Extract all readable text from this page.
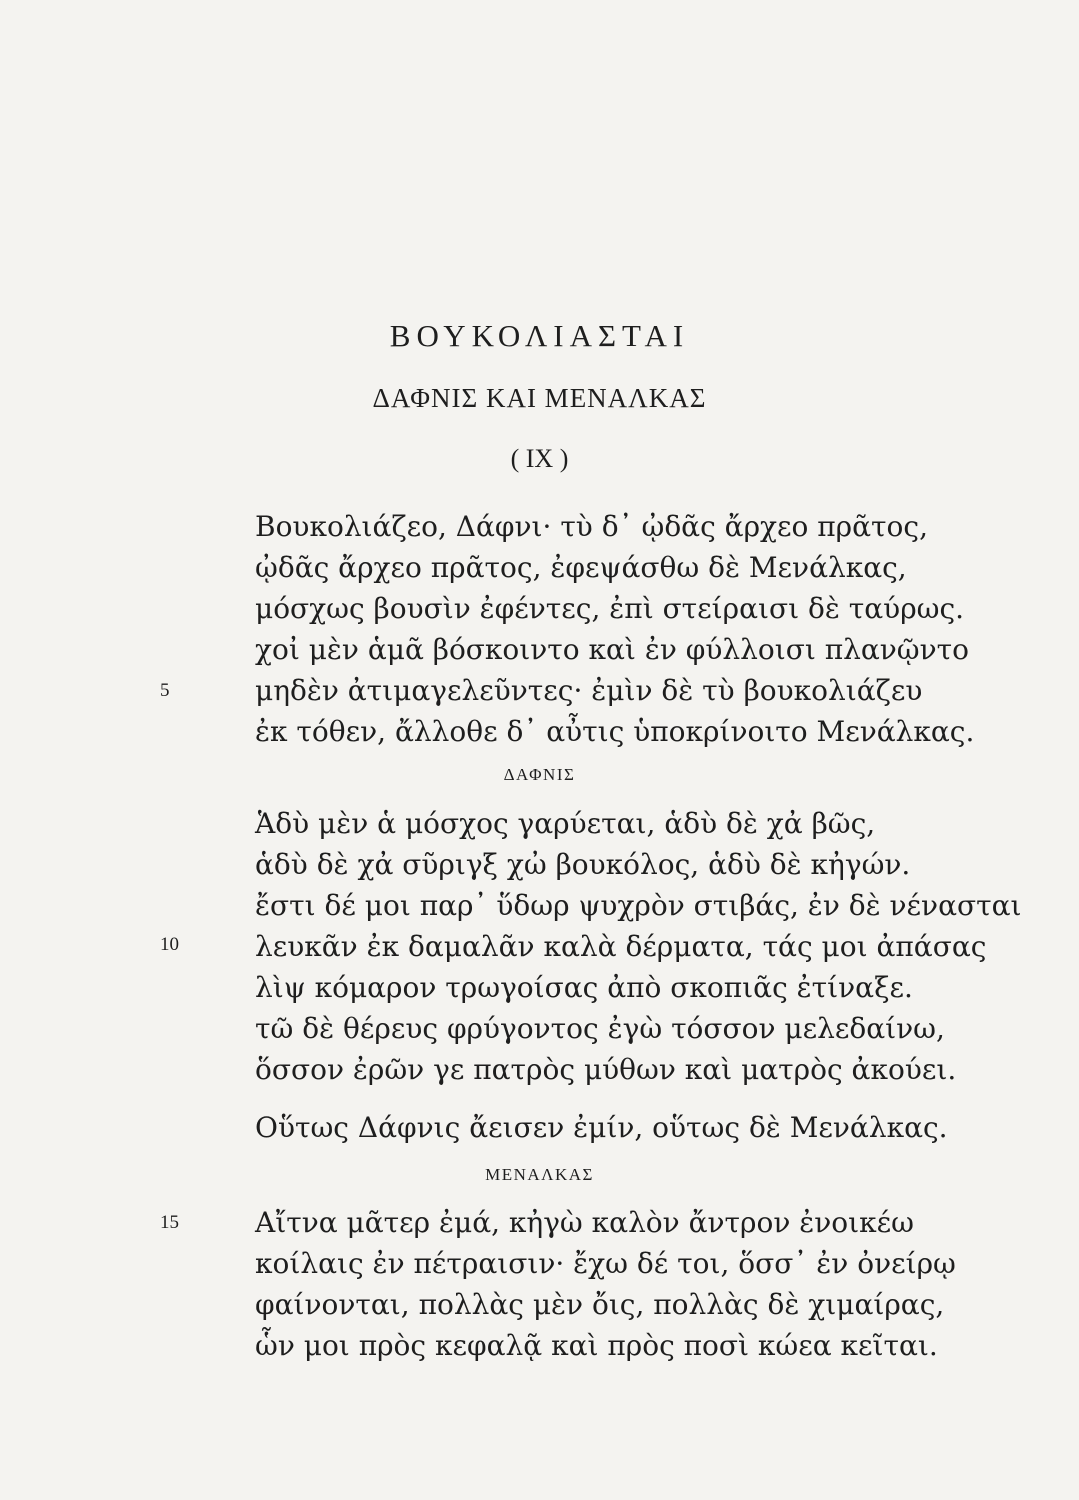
ΒΟΥΚΟΛΙΑΣΤΑΙ
ΔΑΦΝΙΣ ΚΑΙ ΜΕΝΑΛΚΑΣ
( IX )
Βουκολιάζεο, Δάφνι· τὺ δ᾽ ᾠδᾶς ἄρχεο πρᾶτος,
ᾠδᾶς ἄρχεο πρᾶτος, ἐφεψάσθω δὲ Μενάλκας,
μόσχως βουσὶν ἐφέντες, ἐπὶ στείραισι δὲ ταύρως.
χοἰ μὲν ἁμᾶ βόσκοιντο καὶ ἐν φύλλοισι πλανῷντο
μηδὲν ἀτιμαγελεῦντες· ἐμὶν δὲ τὺ βουκολιάζευ
ἐκ τόθεν, ἄλλοθε δ᾽ αὖτις ὑποκρίνοιτο Μενάλκας.
ΔΑΦΝΙΣ
Ἁδὺ μὲν ἁ μόσχος γαρύεται, ἁδὺ δὲ χἀ βῶς,
ἁδὺ δὲ χἀ σῦριγξ χὠ βουκόλος, ἁδὺ δὲ κἠγών.
ἔστι δέ μοι παρ᾽ ὕδωρ ψυχρὸν στιβάς, ἐν δὲ νένασται
λευκᾶν ἐκ δαμαλᾶν καλὰ δέρματα, τάς μοι ἀπάσας
λὶψ κόμαρον τρωγοίσας ἀπὸ σκοπιᾶς ἐτίναξε.
τῶ δὲ θέρευς φρύγοντος ἐγὼ τόσσον μελεδαίνω,
ὅσσον ἐρῶν γε πατρὸς μύθων καὶ ματρὸς ἀκούει.
Οὕτως Δάφνις ἄεισεν ἐμίν, οὕτως δὲ Μενάλκας.
ΜΕΝΑΛΚΑΣ
Αἴτνα μᾶτερ ἐμά, κἠγὼ καλὸν ἄντρον ἐνοικέω
κοίλαις ἐν πέτραισιν· ἔχω δέ τοι, ὅσσ᾽ ἐν ὀνείρῳ
φαίνονται, πολλὰς μὲν ὄις, πολλὰς δὲ χιμαίρας,
ὧν μοι πρὸς κεφαλᾷ καὶ πρὸς ποσὶ κώεα κεῖται.
5
10
15
